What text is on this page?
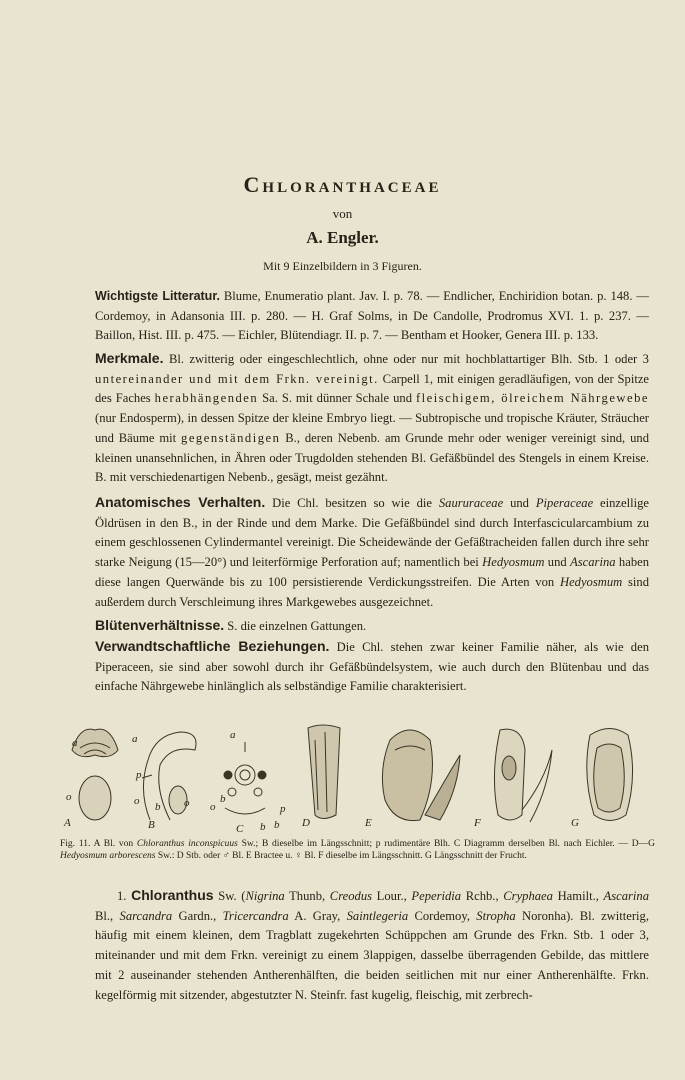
Chloranthaceae
von
A. Engler.
Mit 9 Einzelbildern in 3 Figuren.
Wichtigste Litteratur. Blume, Enumeratio plant. Jav. I. p. 78. — Endlicher, Enchiridion botan. p. 148. — Cordemoy, in Adansonia III. p. 280. — H. Graf Solms, in De Candolle, Prodromus XVI. 1. p. 237. — Baillon, Hist. III. p. 475. — Eichler, Blütendiagr. II. p. 7. — Bentham et Hooker, Genera III. p. 133.
Merkmale. Bl. zwitterig oder eingeschlechtlich, ohne oder nur mit hochblattartiger Blh. Stb. 1 oder 3 untereinander und mit dem Frkn. vereinigt. Carpell 1, mit einigen geradläufigen, von der Spitze des Faches herabhängenden Sa. S. mit dünner Schale und fleischigem, ölreichem Nährgewebe (nur Endosperm), in dessen Spitze der kleine Embryo liegt. — Subtropische und tropische Kräuter, Sträucher und Bäume mit gegenständigen B., deren Nebenb. am Grunde mehr oder weniger vereinigt sind, und kleinen unansehnlichen, in Ähren oder Trugdolden stehenden Bl. Gefäßbündel des Stengels in einem Kreise. B. mit verschiedenartigen Nebenb., gesägt, meist gezähnt.
Anatomisches Verhalten. Die Chl. besitzen so wie die Saururaceae und Piperaceae einzellige Öldrüsen in den B., in der Rinde und dem Marke. Die Gefäßbündel sind durch Interfascicularcambium zu einem geschlossenen Cylindermantel vereinigt. Die Scheidewände der Gefäßtracheiden fallen durch ihre sehr starke Neigung (15—20°) und leiterförmige Perforation auf; namentlich bei Hedyosmum und Ascarina haben diese langen Querwände bis zu 100 persistierende Verdickungsstreifen. Die Arten von Hedyosmum sind außerdem durch Verschleimung ihres Markgewebes ausgezeichnet.
Blütenverhältnisse. S. die einzelnen Gattungen.
Verwandtschaftliche Beziehungen. Die Chl. stehen zwar keiner Familie näher, als wie den Piperaceen, sie sind aber sowohl durch ihr Gefäßbündelsystem, wie auch durch den Blütenbau und das einfache Nährgewebe hinlänglich als selbständige Familie charakterisiert.
A	B	C	D	E	F	G
a
o
a
o
p
b o
a
p
b
b
o
b
Fig. 11. A Bl. von Chloranthus inconspicuus Sw.; B dieselbe im Längsschnitt; p rudimentäre Blh. C Diagramm derselben Bl. nach Eichler. — D—G Hedyosmum arborescens Sw.: D Stb. oder ♂ Bl. E Bractee u. ♀ Bl. F dieselbe im Längsschnitt. G Längsschnitt der Frucht.
1. Chloranthus Sw. (Nigrina Thunb, Creodus Lour., Peperidia Rchb., Cryphaea Hamilt., Ascarina Bl., Sarcandra Gardn., Tricercandra A. Gray, Saintlegeria Cordemoy, Stropha Noronha). Bl. zwitterig, häufig mit einem kleinen, dem Tragblatt zugekehrten Schüppchen am Grunde des Frkn. Stb. 1 oder 3, miteinander und mit dem Frkn. vereinigt zu einem 3lappigen, dasselbe überragenden Gebilde, das mittlere mit 2 auseinander stehenden Antherenhälften, die beiden seitlichen mit nur einer Antherenhälfte. Frkn. kegelförmig mit sitzender, abgestutzter N. Steinfr. fast kugelig, fleischig, mit zerbrech-
